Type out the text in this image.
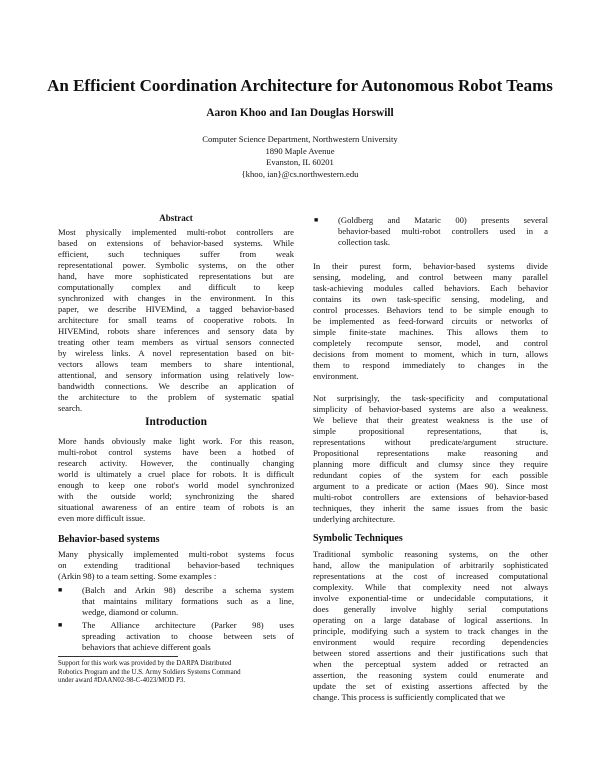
An Efficient Coordination Architecture for Autonomous Robot Teams
Aaron Khoo and Ian Douglas Horswill
Computer Science Department, Northwestern University
1890 Maple Avenue
Evanston, IL 60201
{khoo, ian}@cs.northwestern.edu
Abstract
Most physically implemented multi-robot controllers are
based on extensions of behavior-based systems. While
efficient, such techniques suffer from weak
representational power. Symbolic systems, on the other
hand, have more sophisticated representations but are
computationally complex and difficult to keep
synchronized with changes in the environment. In this
paper, we describe HIVEMind, a tagged behavior-based
architecture for small teams of cooperative robots. In
HIVEMind, robots share inferences and sensory data by
treating other team members as virtual sensors connected
by wireless links. A novel representation based on bit-
vectors allows team members to share intentional,
attentional, and sensory information using relatively low-
bandwidth connections. We describe an application of
the architecture to the problem of systematic spatial
search.
Introduction
More hands obviously make light work. For this reason,
multi-robot control systems have been a hotbed of
research activity. However, the continually changing
world is ultimately a cruel place for robots. It is difficult
enough to keep one robot's world model synchronized
with the outside world; synchronizing the shared
situational awareness of an entire team of robots is an
even more difficult issue.
Behavior-based systems
Many physically implemented multi-robot systems focus
on extending traditional behavior-based techniques
(Arkin 98) to a team setting. Some examples :
■ (Balch and Arkin 98) describe a schema system
that maintains military formations such as a line,
wedge, diamond or column.
■ The Alliance architecture (Parker 98) uses
spreading activation to choose between sets of
behaviors that achieve different goals
Support for this work was provided by the DARPA Distributed
Robotics Program and the U.S. Army Soldiers Systems Command
under award #DAAN02-98-C-4023/MOD P3.
■ (Goldberg and Mataric 00) presents several
behavior-based multi-robot controllers used in a
collection task.
In their purest form, behavior-based systems divide
sensing, modeling, and control between many parallel
task-achieving modules called behaviors. Each behavior
contains its own task-specific sensing, modeling, and
control processes. Behaviors tend to be simple enough to
be implemented as feed-forward circuits or networks of
simple finite-state machines. This allows them to
completely recompute sensor, model, and control
decisions from moment to moment, which in turn, allows
them to respond immediately to changes in the
environment.
Not surprisingly, the task-specificity and computational
simplicity of behavior-based systems are also a weakness.
We believe that their greatest weakness is the use of
simple propositional representations, that is,
representations without predicate/argument structure.
Propositional representations make reasoning and
planning more difficult and clumsy since they require
redundant copies of the system for each possible
argument to a predicate or action (Maes 90). Since most
multi-robot controllers are extensions of behavior-based
techniques, they inherit the same issues from the basic
underlying architecture.
Symbolic Techniques
Traditional symbolic reasoning systems, on the other
hand, allow the manipulation of arbitrarily sophisticated
representations at the cost of increased computational
complexity. While that complexity need not always
involve exponential-time or undecidable computations, it
does generally involve highly serial computations
operating on a large database of logical assertions. In
principle, modifying such a system to track changes in the
environment would require recording dependencies
between stored assertions and their justifications such that
when the perceptual system added or retracted an
assertion, the reasoning system could enumerate and
update the set of existing assertions affected by the
change. This process is sufficiently complicated that we
